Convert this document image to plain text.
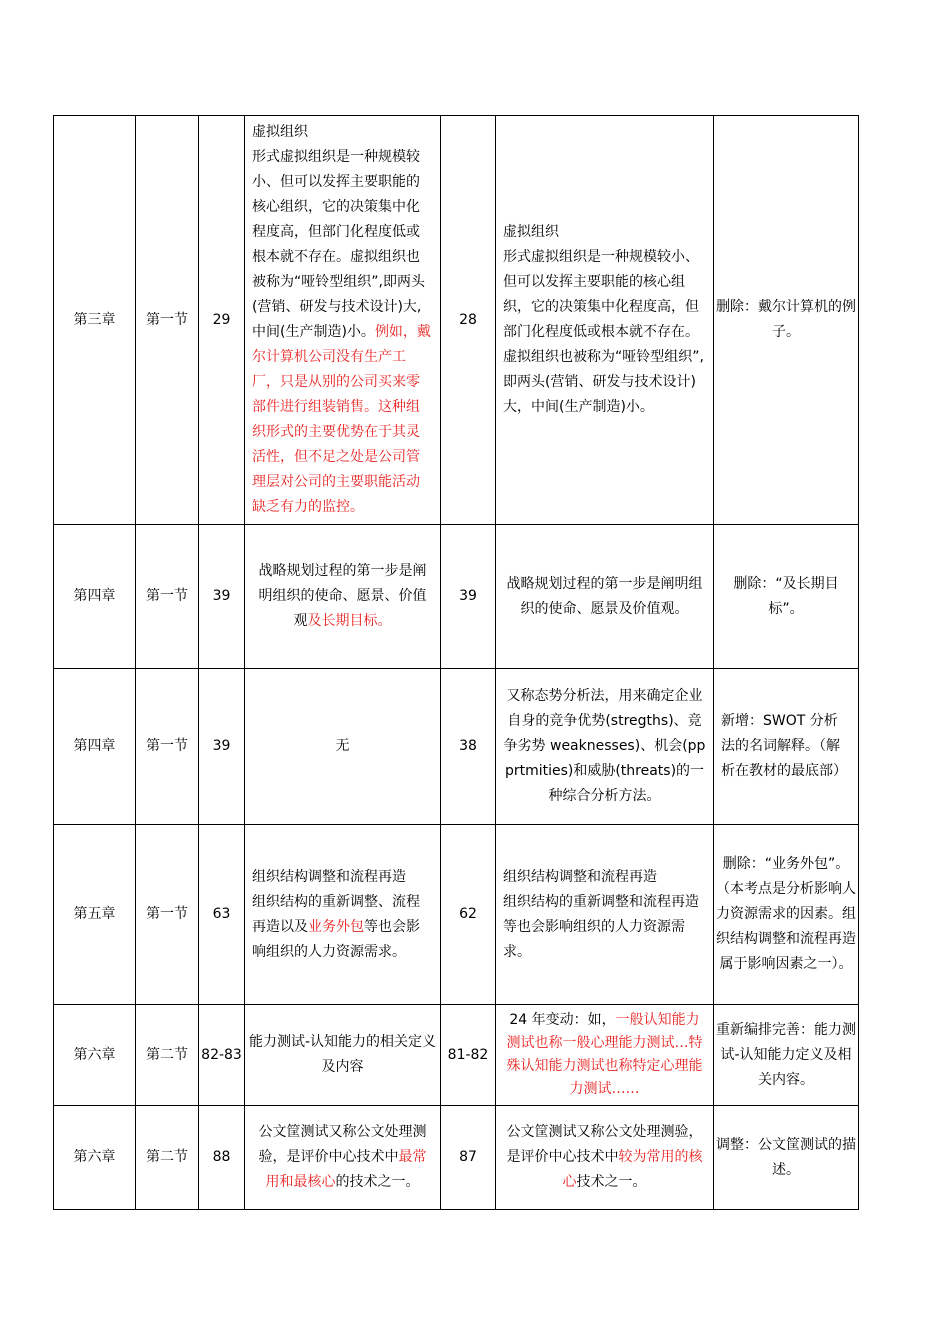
第三章	第一节	29	虚拟组织

形式虚拟组织是一种规模较小、但可以发挥主要职能的核心组织，它的决策集中化程度高，但部门化程度低或根本就不存在。虚拟组织也被称为“哑铃型组织”,即两头(营销、研发与技术设计)大, 中间(生产制造)小。例如，戴尔计算机公司没有生产工厂，只是从别的公司买来零部件进行组装销售。这种组织形式的主要优势在于其灵活性，但不足之处是公司管理层对公司的主要职能活动缺乏有力的监控。	28	虚拟组织

形式虚拟组织是一种规模较小、但可以发挥主要职能的核心组织，它的决策集中化程度高，但部门化程度低或根本就不存在。虚拟组织也被称为“哑铃型组织”,即两头(营销、研发与技术设计)大，中间(生产制造)小。	删除：戴尔计算机的例子。
第四章	第一节	39	战略规划过程的第一步是阐明组织的使命、愿景、价值观及长期目标。	39	战略规划过程的第一步是阐明组织的使命、愿景及价值观。	删除：“及长期目标”。
第四章	第一节	39	无	38	又称态势分析法，用来确定企业自身的竞争优势(stregths)、竞争劣势 weaknesses)、机会(ppprtmities)和威胁(threats)的一种综合分析方法。	新增：SWOT 分析法的名词解释。（解析在教材的最底部）
第五章	第一节	63	组织结构调整和流程再造

组织结构的重新调整、流程再造以及业务外包等也会影响组织的人力资源需求。	62	组织结构调整和流程再造

组织结构的重新调整和流程再造等也会影响组织的人力资源需求。	删除：“业务外包”。（本考点是分析影响人力资源需求的因素。组织结构调整和流程再造属于影响因素之一）。
第六章	第二节	82-83	能力测试-认知能力的相关定义及内容	81-82	24 年变动：如，一般认知能力测试也称一般心理能力测试…特殊认知能力测试也称特定心理能力测试……	重新编排完善：能力测试-认知能力定义及相关内容。
第六章	第二节	88	公文筐测试又称公文处理测验，是评价中心技术中最常用和最核心的技术之一。	87	公文筐测试又称公文处理测验，是评价中心技术中较为常用的核心技术之一。	调整：公文筐测试的描述。
